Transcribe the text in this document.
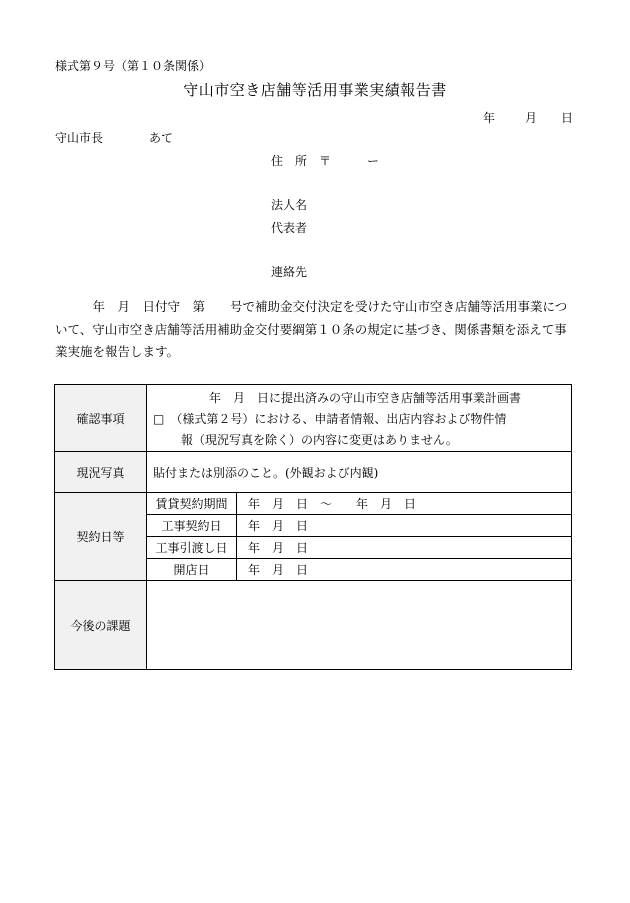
様式第９号（第１０条関係）
守山市空き店舗等活用事業実績報告書
年	月 日
守山市長	あて
住　所　〒　　　ー
法人名
代表者
連絡先
　　　年　月　日付守　第　　号で補助金交付決定を受けた守山市空き店舗等活用事業について、守山市空き店舗等活用補助金交付要綱第１０条の規定に基づき、関係書類を添えて事業実施を報告します。
確認事項	年　月　日に提出済みの守山市空き店舗等活用事業計画書
□　（様式第２号）における、申請者情報、出店内容および物件情
報（現況写真を除く）の内容に変更はありません。	

現況写真	貼付または別添のこと。(外観および内観)	
契約日等	賃貸契約期間	年　月　日　～　　年　月　日
	工事契約日	年　月　日
	工事引渡し日	年　月　日
	開店日	年　月　日
今後の課題		
